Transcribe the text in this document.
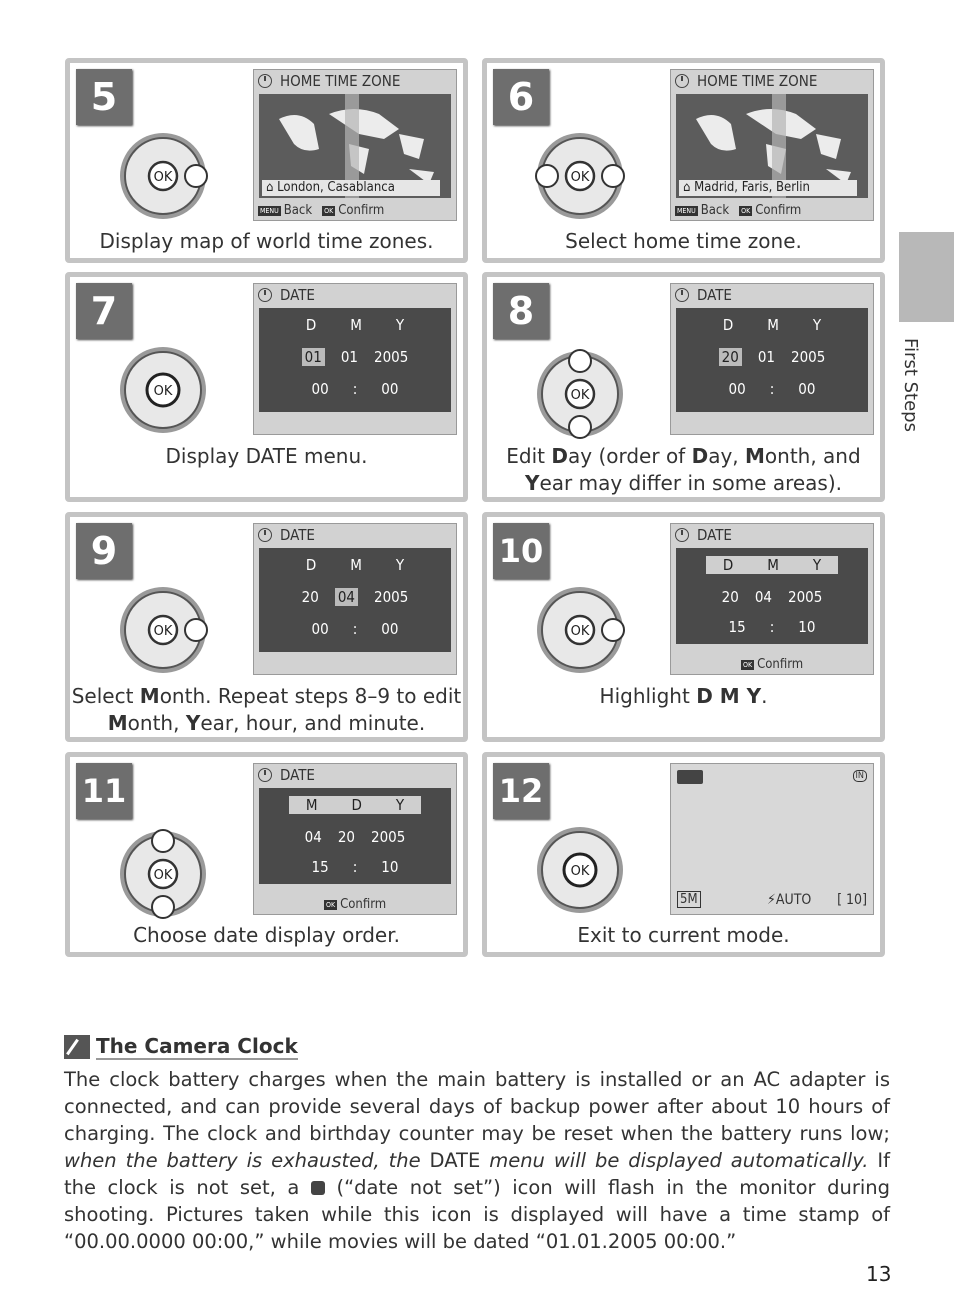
5
OK
HOME TIME ZONE
⌂ London, Casablanca
MENU Back OK Confirm
Display map of world time zones.
6
OK
HOME TIME ZONE
⌂ Madrid, Faris, Berlin
MENU Back OK Confirm
Select home time zone.
7
OK
DATE
D M Y
01 01 2005
00 : 00
Display DATE menu.
8
OK
DATE
D M Y
20 01 2005
00 : 00
Edit Day (order of Day, Month, and
Year may differ in some areas).
9
OK
DATE
D M Y
20 04 2005
00 : 00
Select Month. Repeat steps 8–9 to edit Month, Year, hour, and minute.
10
OK
DATE
D M Y
20 04 2005
15 : 10
OK Confirm
Highlight D M Y.
11
OK
DATE
M D Y
04 20 2005
15 : 10
OK Confirm
Choose date display order.
12
OK
IN
5M	⚡AUTO [ 10]
Exit to current mode.
First Steps
The Camera Clock
The clock battery charges when the main battery is installed or an AC adapter is connected, and can provide several days of backup power after about 10 hours of charging. The clock and birthday counter may be reset when the battery runs low; when the battery is exhausted, the DATE menu will be displayed automatically. If the clock is not set, a  (“date not set”) icon will flash in the monitor during shooting. Pictures taken while this icon is displayed will have a time stamp of “00.00.0000 00:00,” while movies will be dated “01.01.2005 00:00.”
13
